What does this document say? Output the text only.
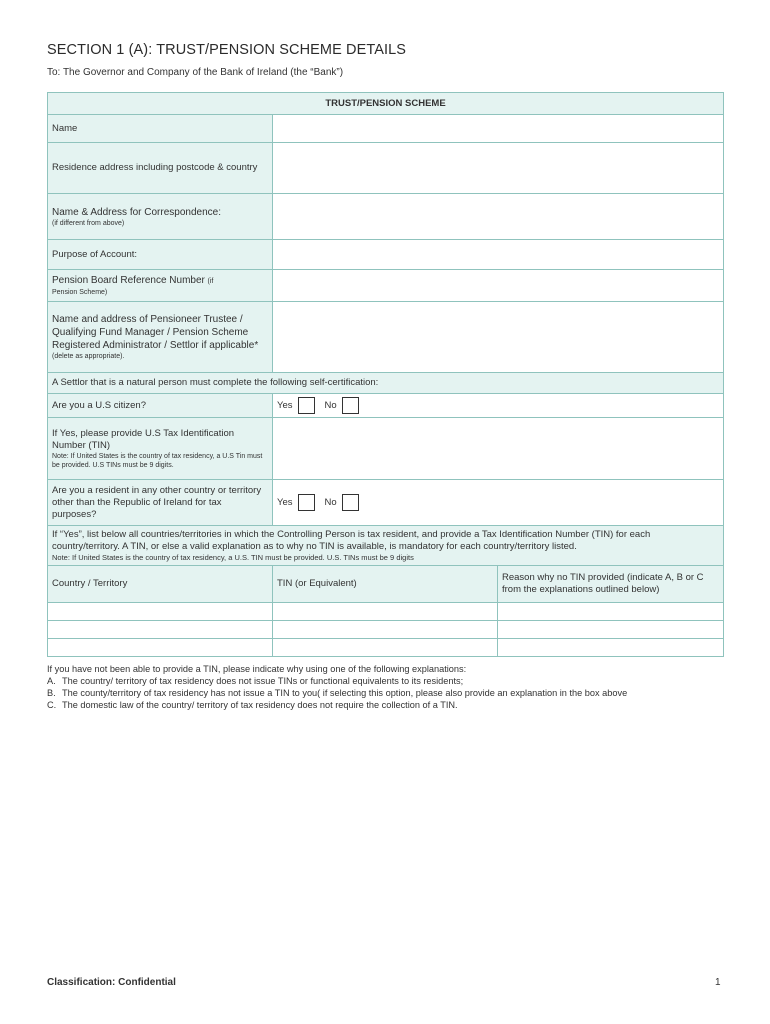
SECTION 1 (A): TRUST/PENSION SCHEME DETAILS
To: The Governor and Company of the Bank of Ireland (the “Bank”)
TRUST/PENSION SCHEME		
Name		
Residence address including postcode & country		
Name & Address for Correspondence:
(if different from above)		

Purpose of Account:		
Pension Board Reference Number (if
Pension Scheme)		

Name and address of Pensioneer Trustee / Qualifying Fund Manager / Pension Scheme Registered Administrator / Settlor if applicable*
(delete as appropriate).		

A Settlor that is a natural person must complete the following self-certification:		
Are you a U.S citizen?	Yes No	

If Yes, please provide U.S Tax Identification Number (TIN)
Note: If United States is the country of tax residency, a U.S Tin must be provided. U.S TINs must be 9 digits.		

Are you a resident in any other country or territory other than the Republic of Ireland for tax purposes?	Yes No	

If “Yes”, list below all countries/territories in which the Controlling Person is tax resident, and provide a Tax Identification Number (TIN) for each country/territory. A TIN, or else a valid explanation as to why no TIN is available, is mandatory for each country/territory listed.
Note: If United States is the country of tax residency, a U.S. TIN must be provided. U.S. TINs must be 9 digits		

Country / Territory	TIN (or Equivalent)	Reason why no TIN provided (indicate A, B or C from the explanations outlined below)

If you have not been able to provide a TIN, please indicate why using one of the following explanations:
A. The country/ territory of tax residency does not issue TINs or functional equivalents to its residents;
B. The county/territory of tax residency has not issue a TIN to you( if selecting this option, please also provide an explanation in the box above
C. The domestic law of the country/ territory of tax residency does not require the collection of a TIN.
Classification: Confidential	1
